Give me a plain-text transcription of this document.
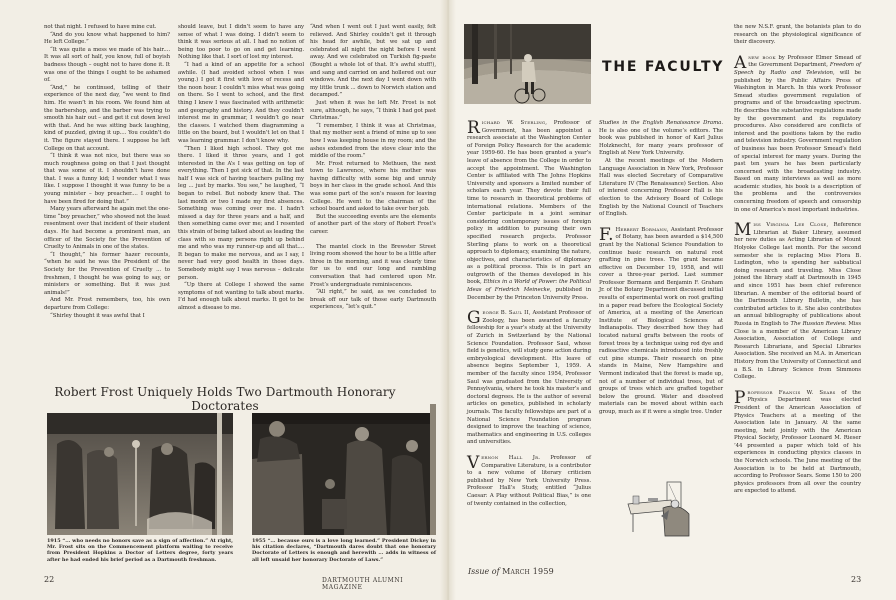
not that night. I refused to have mine cut.

“And do you know what happened to him? He left College.”

“It was quite a mess we made of his hair.... It was all sort of half, you know, full of boyish badness though – ought not to have done it. It was one of the things I ought to be ashamed of.

“And,” he continued, telling of their experience of the next day, “we went to find him. He wasn’t in his room. We found him at the barbershop, and the barber was trying to smooth his hair out – and get it cut down level with that. And he was sitting back laughing, kind of puzzled, giving it up.... You couldn’t do it. The figure stayed there. I suppose he left College on that account.

“I think it was not nice, but there was so much roughness going on that I just thought that was some of it. I shouldn’t have done that. I was a funny kid; I wonder what I was like. I suppose I thought it was funny to be a young minister – boy preacher.... I ought to have been fired for doing that.”

Many years afterward he again met the one-time “boy preacher,” who showed not the least resentment over that incident of their student days. He had become a prominent man, an officer of the Society for the Prevention of Cruelty to Animals in one of the states.

“I thought,” his former hazer recounts, “when he said he was the President of the Society for the Prevention of Cruelty ... to freshmen, I thought he was going to say, or ministers or something. But it was just animals!”

And Mr. Frost remembers, too, his own departure from College:

“Shirley thought it was awful that I

should leave, but I didn’t seem to have any sense of what I was doing. I didn’t seem to think it was serious at all. I had no notion of being too poor to go on and get learning. Nothing like that. I sort of lost my interest.

“I had a kind of an appetite for a school awhile. (I had avoided school when I was young.) I got it first with love of recess and the noon hour. I couldn’t miss what was going on there. So I went to school, and the first thing I knew I was fascinated with arithmetic and geography and history. And they couldn’t interest me in grammar, I wouldn’t go near the classes. I watched them diagramming a little on the board, but I wouldn’t let on that I was learning grammar. I don’t know why.

“Then I liked high school. They got me there. I liked it three years, and I got interested in the A’s I was getting on top of everything. Then I got sick of that. In the last half I was sick of having teachers pulling my leg ... just by marks. You see,” he laughed, “I began to rebel. But nobody knew that. The last month or two I made my first absences. Something was coming over me. I hadn’t missed a day for three years and a half, and then something came over me; and I resented this strain of being talked about as leading the class with so many persons right up behind me and who was my runner-up and all that.... It began to make me nervous, and as I say, I never had very good health in those days. Somebody might say I was nervous – delicate person.

“Up there at College I showed the same symptoms of not wanting to talk about marks. I’d had enough talk about marks. It got to be almost a disease to me.

“And when I went out I just went easily, felt relieved. And Shirley couldn’t get it through his head for awhile, but we sat up and celebrated all night the night before I went away. And we celebrated on Turkish fig-paste (Bought a whole lot of that. It’s awful stuff!), and sang and carried on and hollered out our windows. And the next day I went down with my little trunk ... down to Norwich station and decamped.”

Just when it was he left Mr. Frost is not sure, although, he says, “I think I had got past Christmas.”

“I remember, I think it was at Christmas, that my mother sent a friend of mine up to see how I was keeping house in my room; and the ashes extended from the stove clear into the middle of the room.”

Mr. Frost returned to Methuen, the next town to Lawrence, where his mother was having difficulty with some big and unruly boys in her class in the grade school. And this was some part of the son’s reason for leaving College. He went to the chairman of the school board and asked to take over her job.

But the succeeding events are the elements of another part of the story of Robert Frost’s career.

The mantel clock in the Brewster Street living room showed the hour to be a little after three in the morning, and it was clearly time for us to end our long and rambling conversation that had centered upon Mr. Frost’s undergraduate reminiscences.

“All right,” he said, as we concluded to break off our talk of those early Dartmouth experiences, “let’s quit.”

Robert Frost Uniquely Holds Two Dartmouth Honorary Doctorates
1915 “... who needs no honors save as a sign of affection.” At right, Mr. Frost sits on the Commencement platform waiting to receive from President Hopkins a Doctor of Letters degree, forty years after he had ended his brief period as a Dartmouth freshman.
1955 “... because ours is a love long learned.” President Dickey in his citation declares, “Dartmouth dares doubt that one honorary Doctorate of Letters is enough and herewith ... adds in witness of all left unsaid her honorary Doctorate of Laws.”
22	DARTMOUTH ALUMNI MAGAZINE
THE FACULTY

Richard W. Sterling, Professor of Government, has been appointed a research associate at the Washington Center of Foreign Policy Research for the academic year 1959-60. He has been granted a year’s leave of absence from the College in order to accept the appointment. The Washington Center is affiliated with The Johns Hopkins University and sponsors a limited number of scholars each year. They devote their full time to research in theoretical problems of international relations. Members of the Center participate in a joint seminar considering contemporary issues of foreign policy in addition to pursuing their own specified research projects. Professor Sterling plans to work on a theoretical approach to diplomacy, examining the nature, objectives, and characteristics of diplomacy as a political process. This is in part an outgrowth of the themes developed in his book, Ethics in a World of Power: the Political Ideas of Friedrich Meinecke, published in December by the Princeton University Press.

George B. Saul II, Assistant Professor of Zoology, has been awarded a faculty fellowship for a year’s study at the University of Zurich in Switzerland by the National Science Foundation. Professor Saul, whose field is genetics, will study gene action during embryological development. His leave of absence begins September 1, 1959. A member of the faculty since 1954, Professor Saul was graduated from the University of Pennsylvania, where he took his master’s and doctoral degrees. He is the author of several articles on genetics, published in scholarly journals. The faculty fellowships are part of a National Science Foundation program designed to improve the teaching of science, mathematics and engineering in U.S. colleges and universities.

Vernon Hall Jr. Professor of Comparative Literature, is a contributor to a new volume of literary criticism published by New York University Press. Professor Hall’s Study, entitled “Julius Caesar: A Play without Political Bias,” is one of twenty contained in the collection,

Studies in the English Renaissance Drama. He is also one of the volume’s editors. The book was published in honor of Karl Julius Holzknecht, for many years professor of English at New York University.

At the recent meetings of the Modern Language Association in New York, Professor Hall was elected Secretary of Comparative Literature IV (The Renaissance) Section. Also of interest concerning Professor Hall is his election to the Advisory Board of College English by the National Council of Teachers of English.

F. Herbert Bormann, Assistant Professor of Botany, has been awarded a $14,500 grant by the National Science Foundation to continue basic research on natural root grafting in pine trees. The grant became effective on December 19, 1958, and will cover a three-year period. Last summer Professor Bormann and Benjamin F. Graham Jr. of the Botany Department discussed initial results of experimental work on root grafting in a paper read before the Ecological Society of America, at a meeting of the American Institute of Biological Sciences at Indianapolis. They described how they had located natural grafts between the roots of forest trees by a technique using red dye and radioactive chemicals introduced into freshly cut pine stumps. Their research on pine stands in Maine, New Hampshire and Vermont indicated that the forest is made up, not of a number of individual trees, but of groups of trees which are grafted together below the ground. Water and dissolved materials can be moved about within each group, much as if it were a single tree. Under

the new N.S.F. grant, the botanists plan to do research on the physiological significance of their discovery.

A new book by Professor Elmer Smead of the Government Department, Freedom of Speech by Radio and Television, will be published by the Public Affairs Press of Washington in March. In this work Professor Smead studies government regulation of programs and of the broadcasting spectrum. He describes the substantive regulations made by the government and its regulatory procedures. Also considered are conflicts of interest and the positions taken by the radio and television industry. Government regulation of business has been Professor Smead’s field of special interest for many years. During the past ten years he has been particularly concerned with the broadcasting industry. Based on many interviews as well as more academic studies, his book is a description of the problems and the controversies concerning freedom of speech and censorship in one of America’s most important industries.

Miss Virginia Lee Close, Reference Librarian at Baker Library, assumed her new duties as Acting Librarian of Mount Holyoke College last month. For the second semester she is replacing Miss Flora B. Ludington, who is spending her sabbatical doing research and traveling. Miss Close joined the library staff at Dartmouth in 1945 and since 1951 has been chief reference librarian. A member of the editorial board of the Dartmouth Library Bulletin, she has contributed articles to it. She also contributes an annual bibliography of publications about Russia in English to The Russian Review. Miss Close is a member of the American Library Association, Association of College and Research Librarians, and Special Libraries Association. She received an M.A. in American History from the University of Connecticut and a B.S. in Library Science from Simmons College.

Professor Francis W. Sears of the Physics Department was elected President of the American Association of Physics Teachers at a meeting of the Association late in January. At the same meeting, held jointly with the American Physical Society, Professor Leonard M. Rieser ’44 presented a paper which told of his experiences in conducting physics classes in the Norwich schools. The June meeting of the Association is to be held at Dartmouth, according to Professor Sears. Some 150 to 200 physics professors from all over the country are expected to attend.

Issue of March 1959
23
